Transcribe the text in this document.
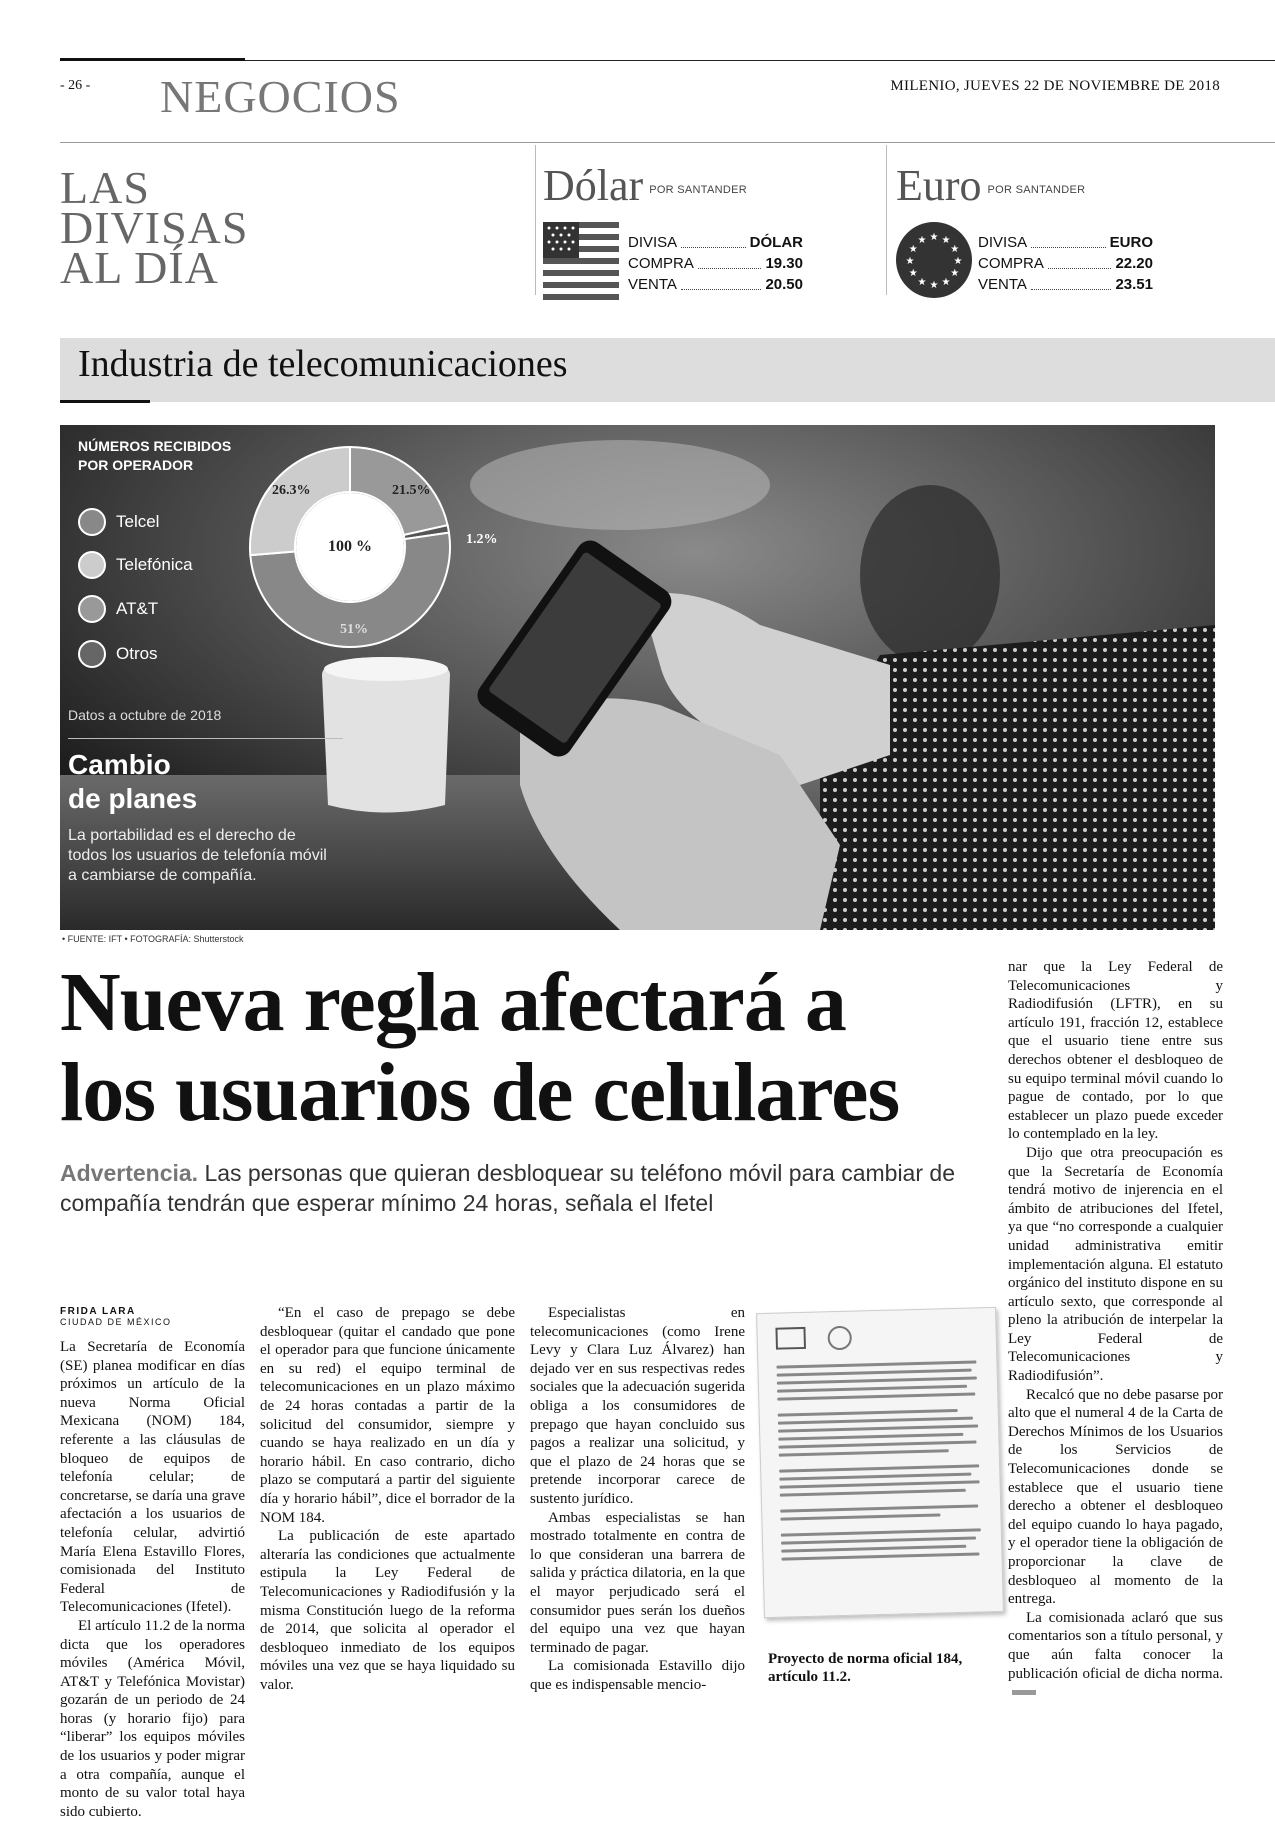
- 26 - NEGOCIOS	MILENIO, JUEVES 22 DE NOVIEMBRE DE 2018
LAS
DIVISAS
AL DÍA
Dólar POR SANTANDER
DIVISA	DÓLAR
COMPRA	19.30
VENTA	20.50
Euro POR SANTANDER
★
★
★
★
★
★
★
★
★ ★ ★
★ DIVISA	EURO
COMPRA	22.20
VENTA	23.51
Industria de telecomunicaciones
NÚMEROS RECIBIDOS
POR OPERADOR
Telcel
Telefónica
AT&T
Otros
26.3%	21.5%
1.2%
51%
100 %
Datos a octubre de 2018
Cambio
de planes
La portabilidad es el derecho de todos los usuarios de telefonía móvil a cambiarse de compañía.
• FUENTE: IFT • FOTOGRAFÍA: Shutterstock
Nueva regla afectará a
los usuarios de celulares
Advertencia. Las personas que quieran desbloquear su teléfono móvil para cambiar de compañía tendrán que esperar mínimo 24 horas, señala el Ifetel
FRIDA LARA
CIUDAD DE MÉXICO

La Secretaría de Economía (SE) planea modificar en días próximos un artículo de la nueva Norma Oficial Mexicana (NOM) 184, referente a las cláusulas de bloqueo de equipos de telefonía celular; de concretarse, se daría una grave afectación a los usuarios de telefonía celular, advirtió María Elena Estavillo Flores, comisionada del Instituto Federal de Telecomunicaciones (Ifetel).

El artículo 11.2 de la norma dicta que los operadores móviles (América Móvil, AT&T y Telefónica Movistar) gozarán de un periodo de 24 horas (y horario fijo) para “liberar” los equipos móviles de los usuarios y poder migrar a otra compañía, aunque el monto de su valor total haya sido cubierto.

“En el caso de prepago se debe desbloquear (quitar el candado que pone el operador para que funcione únicamente en su red) el equipo terminal de telecomunicaciones en un plazo máximo de 24 horas contadas a partir de la solicitud del consumidor, siempre y cuando se haya realizado en un día y horario hábil. En caso contrario, dicho plazo se computará a partir del siguiente día y horario hábil”, dice el borrador de la NOM 184.

La publicación de este apartado alteraría las condiciones que actualmente estipula la Ley Federal de Telecomunicaciones y Radiodifusión y la misma Constitución luego de la reforma de 2014, que solicita al operador el desbloqueo inmediato de los equipos móviles una vez que se haya liquidado su valor.

Especialistas en telecomunicaciones (como Irene Levy y Clara Luz Álvarez) han dejado ver en sus respectivas redes sociales que la adecuación sugerida obliga a los consumidores de prepago que hayan concluido sus pagos a realizar una solicitud, y que el plazo de 24 horas que se pretende incorporar carece de sustento jurídico.

Ambas especialistas se han mostrado totalmente en contra de lo que consideran una barrera de salida y práctica dilatoria, en la que el mayor perjudicado será el consumidor pues serán los dueños del equipo una vez que hayan terminado de pagar.

La comisionada Estavillo dijo que es indispensable mencio-

Proyecto de norma oficial 184,
artículo 11.2.

nar que la Ley Federal de Telecomunicaciones y Radiodifusión (LFTR), en su artículo 191, fracción 12, establece que el usuario tiene entre sus derechos obtener el desbloqueo de su equipo terminal móvil cuando lo pague de contado, por lo que establecer un plazo puede exceder lo contemplado en la ley.

Dijo que otra preocupación es que la Secretaría de Economía tendrá motivo de injerencia en el ámbito de atribuciones del Ifetel, ya que “no corresponde a cualquier unidad administrativa emitir implementación alguna. El estatuto orgánico del instituto dispone en su artículo sexto, que corresponde al pleno la atribución de interpelar la Ley Federal de Telecomunicaciones y Radiodifusión”.

Recalcó que no debe pasarse por alto que el numeral 4 de la Carta de Derechos Mínimos de los Usuarios de los Servicios de Telecomunicaciones donde se establece que el usuario tiene derecho a obtener el desbloqueo del equipo cuando lo haya pagado, y el operador tiene la obligación de proporcionar la clave de desbloqueo al momento de la entrega.

La comisionada aclaró que sus comentarios son a título personal, y que aún falta conocer la publicación oficial de dicha norma.
